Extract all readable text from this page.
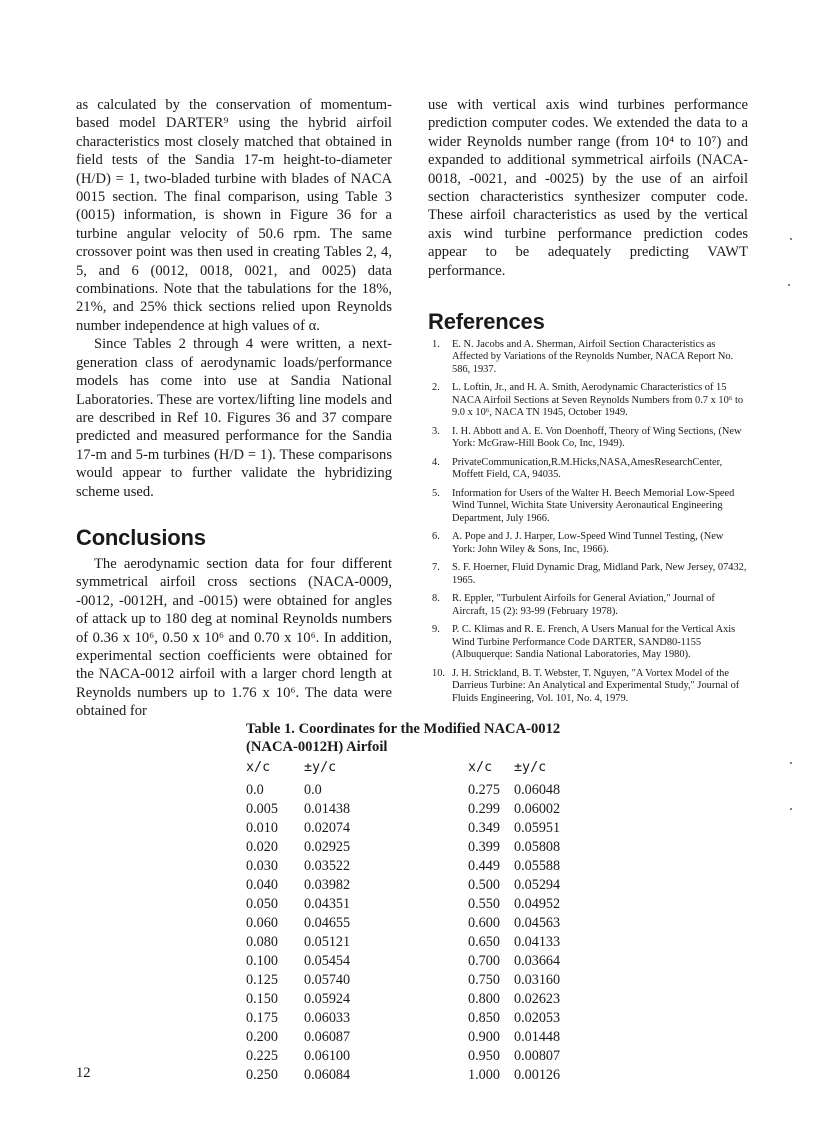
as calculated by the conservation of momentum-based model DARTER⁹ using the hybrid airfoil characteristics most closely matched that obtained in field tests of the Sandia 17-m height-to-diameter (H/D) = 1, two-bladed turbine with blades of NACA 0015 section. The final comparison, using Table 3 (0015) information, is shown in Figure 36 for a turbine angular velocity of 50.6 rpm. The same crossover point was then used in creating Tables 2, 4, 5, and 6 (0012, 0018, 0021, and 0025) data combinations. Note that the tabulations for the 18%, 21%, and 25% thick sections relied upon Reynolds number independence at high values of α.

Since Tables 2 through 4 were written, a next-generation class of aerodynamic loads/performance models has come into use at Sandia National Laboratories. These are vortex/lifting line models and are described in Ref 10. Figures 36 and 37 compare predicted and measured performance for the Sandia 17-m and 5-m turbines (H/D = 1). These comparisons would appear to further validate the hybridizing scheme used.

Conclusions

The aerodynamic section data for four different symmetrical airfoil cross sections (NACA-0009, -0012, -0012H, and -0015) were obtained for angles of attack up to 180 deg at nominal Reynolds numbers of 0.36 x 10⁶, 0.50 x 10⁶ and 0.70 x 10⁶. In addition, experimental section coefficients were obtained for the NACA-0012 airfoil with a larger chord length at Reynolds numbers up to 1.76 x 10⁶. The data were obtained for

use with vertical axis wind turbines performance prediction computer codes. We extended the data to a wider Reynolds number range (from 10⁴ to 10⁷) and expanded to additional symmetrical airfoils (NACA-0018, -0021, and -0025) by the use of an airfoil section characteristics synthesizer computer code. These airfoil characteristics as used by the vertical axis wind turbine performance prediction codes appear to be adequately predicting VAWT performance.

References
1.	E. N. Jacobs and A. Sherman, Airfoil Section Characteristics as Affected by Variations of the Reynolds Number, NACA Report No. 586, 1937.
2.	L. Loftin, Jr., and H. A. Smith, Aerodynamic Characteristics of 15 NACA Airfoil Sections at Seven Reynolds Numbers from 0.7 x 10⁶ to 9.0 x 10⁶, NACA TN 1945, October 1949.
3.	I. H. Abbott and A. E. Von Doenhoff, Theory of Wing Sections, (New York: McGraw-Hill Book Co, Inc, 1949).
4.	PrivateCommunication,R.M.Hicks,NASA,AmesResearchCenter, Moffett Field, CA, 94035.
5.	Information for Users of the Walter H. Beech Memorial Low-Speed Wind Tunnel, Wichita State University Aeronautical Engineering Department, July 1966.
6.	A. Pope and J. J. Harper, Low-Speed Wind Tunnel Testing, (New York: John Wiley & Sons, Inc, 1966).
7.	S. F. Hoerner, Fluid Dynamic Drag, Midland Park, New Jersey, 07432, 1965.
8.	R. Eppler, "Turbulent Airfoils for General Aviation," Journal of Aircraft, 15 (2): 93-99 (February 1978).
9.	P. C. Klimas and R. E. French, A Users Manual for the Vertical Axis Wind Turbine Performance Code DARTER, SAND80-1155 (Albuquerque: Sandia National Laboratories, May 1980).
10. J. H. Strickland, B. T. Webster, T. Nguyen, "A Vortex Model of the Darrieus Turbine: An Analytical and Experimental Study," Journal of Fluids Engineering, Vol. 101, No. 4, 1979.
Table 1. Coordinates for the Modified NACA-0012
(NACA-0012H) Airfoil
x/c	±y/c	x/c ±y/c
0.0	0.0	0.275 0.06048
0.005 0.01438	0.299 0.06002
0.010 0.02074	0.349 0.05951
0.020 0.02925	0.399 0.05808
0.030 0.03522	0.449 0.05588
0.040 0.03982	0.500 0.05294
0.050 0.04351	0.550 0.04952
0.060 0.04655	0.600 0.04563
0.080 0.05121	0.650 0.04133
0.100 0.05454	0.700 0.03664
0.125 0.05740	0.750 0.03160
0.150 0.05924	0.800 0.02623
0.175 0.06033	0.850 0.02053
0.200 0.06087	0.900 0.01448
0.225 0.06100	0.950 0.00807
0.250 0.06084	1.000 0.00126
12
